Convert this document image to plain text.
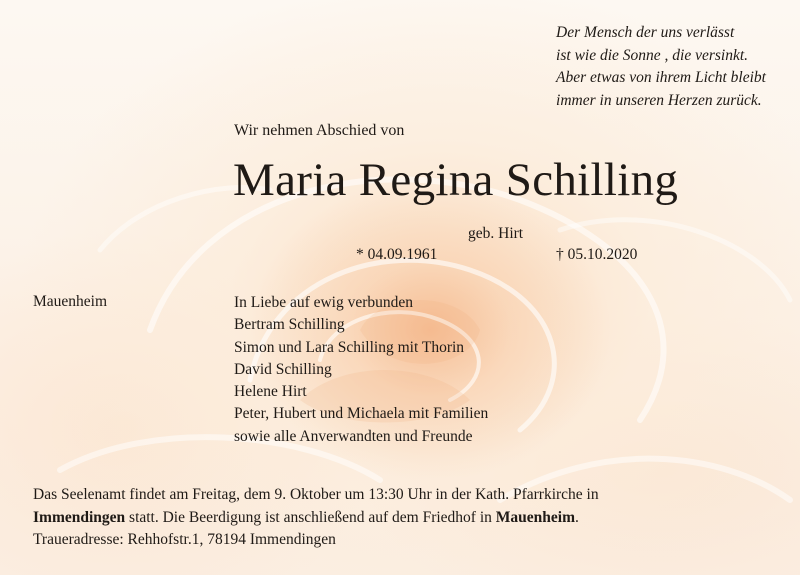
Der Mensch der uns verlässt
ist wie die Sonne , die versinkt.
Aber etwas von ihrem Licht bleibt
immer in unseren Herzen zurück.
Wir nehmen Abschied von
Maria Regina Schilling
geb. Hirt
* 04.09.1961	† 05.10.2020
Mauenheim	In Liebe auf ewig verbunden
Bertram Schilling
Simon und Lara Schilling mit Thorin
David Schilling
Helene Hirt
Peter, Hubert und Michaela mit Familien
sowie alle Anverwandten und Freunde
Das Seelenamt findet am Freitag, dem 9. Oktober um 13:30 Uhr in der Kath. Pfarrkirche in
Immendingen statt. Die Beerdigung ist anschließend auf dem Friedhof in Mauenheim.
Traueradresse: Rehhofstr.1, 78194 Immendingen
